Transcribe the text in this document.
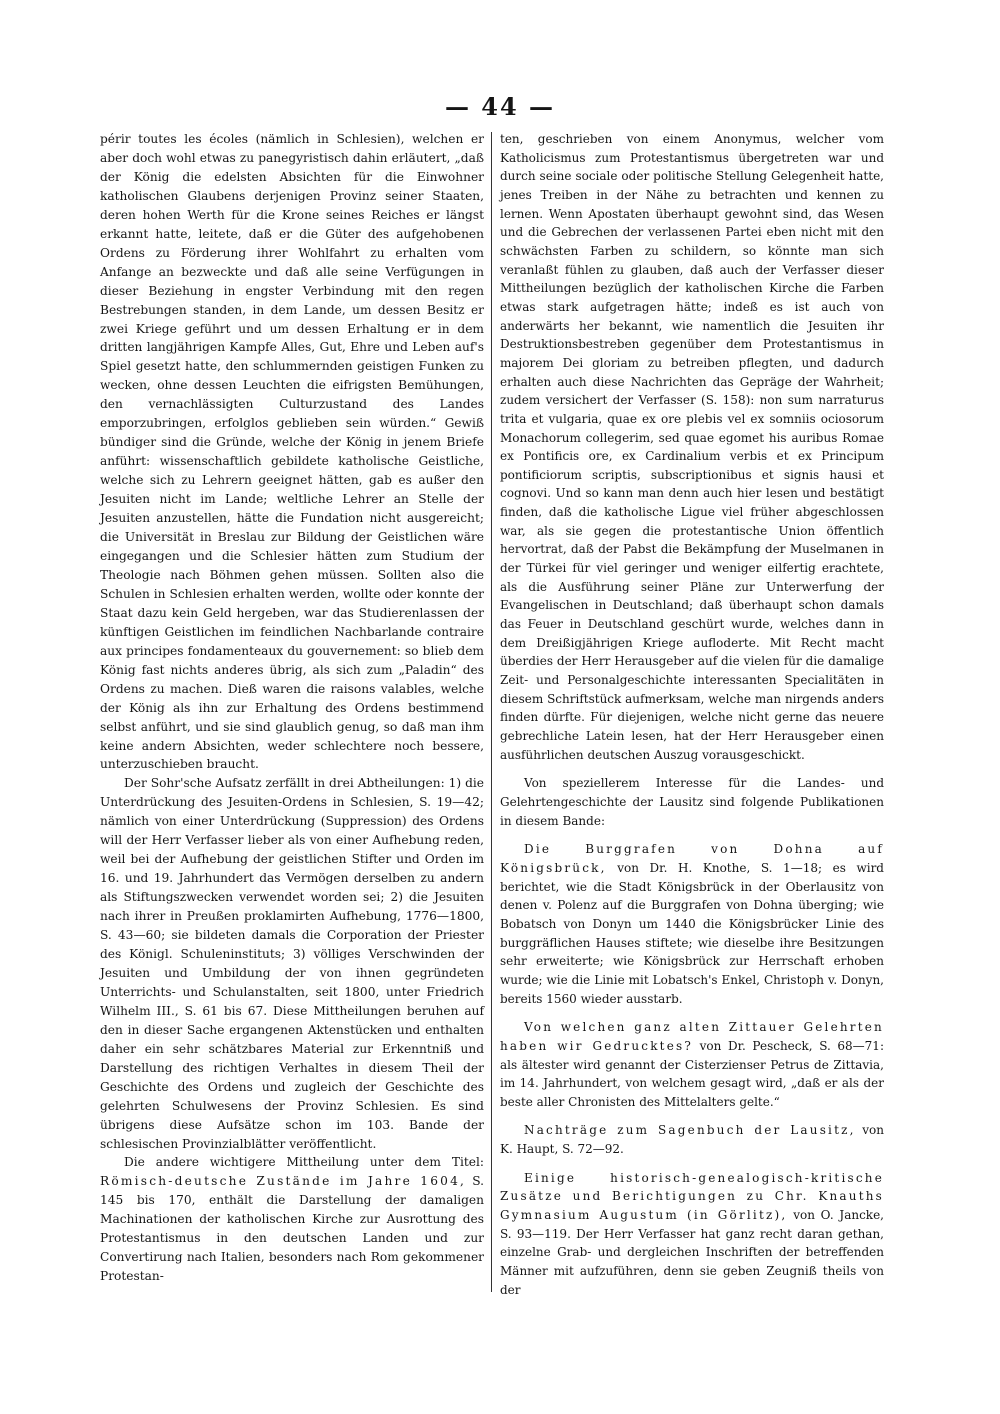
— 44 —

périr toutes les écoles (nämlich in Schlesien), welchen er aber doch wohl etwas zu panegyristisch dahin erläutert, „daß der König die edelsten Absichten für die Einwohner katholischen Glaubens derjenigen Provinz seiner Staaten, deren hohen Werth für die Krone seines Reiches er längst erkannt hatte, leitete, daß er die Güter des aufgehobenen Ordens zu Förderung ihrer Wohlfahrt zu erhalten vom Anfange an bezweckte und daß alle seine Verfügungen in dieser Beziehung in engster Verbindung mit den regen Bestrebungen standen, in dem Lande, um dessen Besitz er zwei Kriege geführt und um dessen Erhaltung er in dem dritten langjährigen Kampfe Alles, Gut, Ehre und Leben auf's Spiel gesetzt hatte, den schlummernden geistigen Funken zu wecken, ohne dessen Leuchten die eifrigsten Bemühungen, den vernachlässigten Culturzustand des Landes emporzubringen, erfolglos geblieben sein würden.“ Gewiß bündiger sind die Gründe, welche der König in jenem Briefe anführt: wissenschaftlich gebildete katholische Geistliche, welche sich zu Lehrern geeignet hätten, gab es außer den Jesuiten nicht im Lande; weltliche Lehrer an Stelle der Jesuiten anzustellen, hätte die Fundation nicht ausgereicht; die Universität in Breslau zur Bildung der Geistlichen wäre eingegangen und die Schlesier hätten zum Studium der Theologie nach Böhmen gehen müssen. Sollten also die Schulen in Schlesien erhalten werden, wollte oder konnte der Staat dazu kein Geld hergeben, war das Studierenlassen der künftigen Geistlichen im feindlichen Nachbarlande contraire aux principes fondamenteaux du gouvernement: so blieb dem König fast nichts anderes übrig, als sich zum „Paladin“ des Ordens zu machen. Dieß waren die raisons valables, welche der König als ihn zur Erhaltung des Ordens bestimmend selbst anführt, und sie sind glaublich genug, so daß man ihm keine andern Absichten, weder schlechtere noch bessere, unterzuschieben braucht.

Der Sohr'sche Aufsatz zerfällt in drei Abtheilungen: 1) die Unterdrückung des Jesuiten-Ordens in Schlesien, S. 19—42; nämlich von einer Unterdrückung (Suppression) des Ordens will der Herr Verfasser lieber als von einer Aufhebung reden, weil bei der Aufhebung der geistlichen Stifter und Orden im 16. und 19. Jahrhundert das Vermögen derselben zu andern als Stiftungszwecken verwendet worden sei; 2) die Jesuiten nach ihrer in Preußen proklamirten Aufhebung, 1776—1800, S. 43—60; sie bildeten damals die Corporation der Priester des Königl. Schuleninstituts; 3) völliges Verschwinden der Jesuiten und Umbildung der von ihnen gegründeten Unterrichts- und Schulanstalten, seit 1800, unter Friedrich Wilhelm III., S. 61 bis 67. Diese Mittheilungen beruhen auf den in dieser Sache ergangenen Aktenstücken und enthalten daher ein sehr schätzbares Material zur Erkenntniß und Darstellung des richtigen Verhaltes in diesem Theil der Geschichte des Ordens und zugleich der Geschichte des gelehrten Schulwesens der Provinz Schlesien. Es sind übrigens diese Aufsätze schon im 103. Bande der schlesischen Provinzialblätter veröffentlicht.

Die andere wichtigere Mittheilung unter dem Titel: Römisch-deutsche Zustände im Jahre 1604, S. 145 bis 170, enthält die Darstellung der damaligen Machinationen der katholischen Kirche zur Ausrottung des Protestantismus in den deutschen Landen und zur Convertirung nach Italien, besonders nach Rom gekommener Protestan-

ten, geschrieben von einem Anonymus, welcher vom Katholicismus zum Protestantismus übergetreten war und durch seine sociale oder politische Stellung Gelegenheit hatte, jenes Treiben in der Nähe zu betrachten und kennen zu lernen. Wenn Apostaten überhaupt gewohnt sind, das Wesen und die Gebrechen der verlassenen Partei eben nicht mit den schwächsten Farben zu schildern, so könnte man sich veranlaßt fühlen zu glauben, daß auch der Verfasser dieser Mittheilungen bezüglich der katholischen Kirche die Farben etwas stark aufgetragen hätte; indeß es ist auch von anderwärts her bekannt, wie namentlich die Jesuiten ihr Destruktionsbestreben gegenüber dem Protestantismus in majorem Dei gloriam zu betreiben pflegten, und dadurch erhalten auch diese Nachrichten das Gepräge der Wahrheit; zudem versichert der Verfasser (S. 158): non sum narraturus trita et vulgaria, quae ex ore plebis vel ex somniis ociosorum Monachorum collegerim, sed quae egomet his auribus Romae ex Pontificis ore, ex Cardinalium verbis et ex Principum pontificiorum scriptis, subscriptionibus et signis hausi et cognovi. Und so kann man denn auch hier lesen und bestätigt finden, daß die katholische Ligue viel früher abgeschlossen war, als sie gegen die protestantische Union öffentlich hervortrat, daß der Pabst die Bekämpfung der Muselmanen in der Türkei für viel geringer und weniger eilfertig erachtete, als die Ausführung seiner Pläne zur Unterwerfung der Evangelischen in Deutschland; daß überhaupt schon damals das Feuer in Deutschland geschürt wurde, welches dann in dem Dreißigjährigen Kriege aufloderte. Mit Recht macht überdies der Herr Herausgeber auf die vielen für die damalige Zeit- und Personalgeschichte interessanten Specialitäten in diesem Schriftstück aufmerksam, welche man nirgends anders finden dürfte. Für diejenigen, welche nicht gerne das neuere gebrechliche Latein lesen, hat der Herr Herausgeber einen ausführlichen deutschen Auszug vorausgeschickt.

Von speziellerem Interesse für die Landes- und Gelehrtengeschichte der Lausitz sind folgende Publikationen in diesem Bande:

Die Burggrafen von Dohna auf Königsbrück, von Dr. H. Knothe, S. 1—18; es wird berichtet, wie die Stadt Königsbrück in der Oberlausitz von denen v. Polenz auf die Burggrafen von Dohna überging; wie Bobatsch von Donyn um 1440 die Königsbrücker Linie des burggräflichen Hauses stiftete; wie dieselbe ihre Besitzungen sehr erweiterte; wie Königsbrück zur Herrschaft erhoben wurde; wie die Linie mit Lobatsch's Enkel, Christoph v. Donyn, bereits 1560 wieder ausstarb.

Von welchen ganz alten Zittauer Gelehrten haben wir Gedrucktes? von Dr. Pescheck, S. 68—71: als ältester wird genannt der Cisterzienser Petrus de Zittavia, im 14. Jahrhundert, von welchem gesagt wird, „daß er als der beste aller Chronisten des Mittelalters gelte.“

Nachträge zum Sagenbuch der Lausitz, von K. Haupt, S. 72—92.

Einige historisch-genealogisch-kritische Zusätze und Berichtigungen zu Chr. Knauths Gymnasium Augustum (in Görlitz), von O. Jancke, S. 93—119. Der Herr Verfasser hat ganz recht daran gethan, einzelne Grab- und dergleichen Inschriften der betreffenden Männer mit aufzuführen, denn sie geben Zeugniß theils von der
